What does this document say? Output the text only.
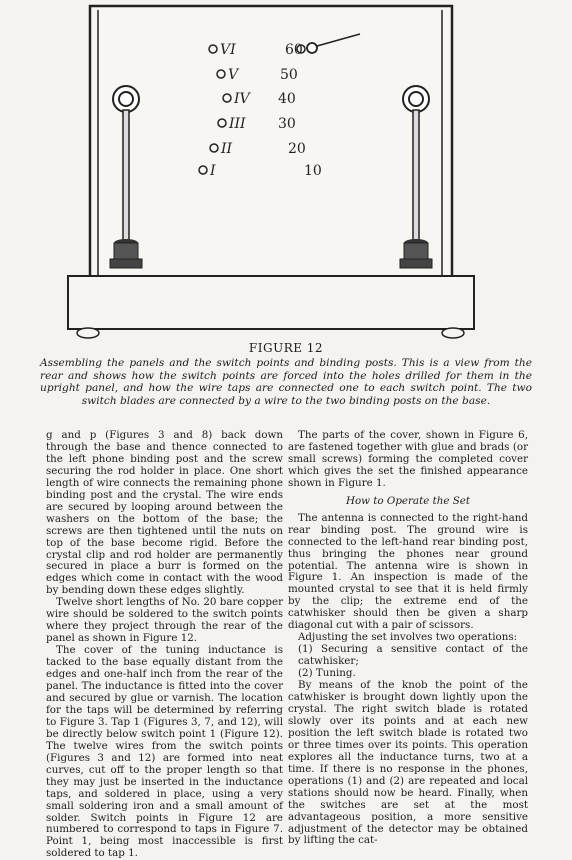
VI
V
IV
III
II
I
60
50
40
30
20
10
FIGURE 12
Assembling the panels and the switch points and binding posts. This is a view from the rear and shows how the switch points are forced into the holes drilled for them in the upright panel, and how the wire taps are connected one to each switch point. The two switch blades are connected by a wire to the two binding posts on the base.

g and p (Figures 3 and 8) back down through the base and thence connected to the left phone binding post and the screw securing the rod holder in place. One short length of wire connects the remaining phone binding post and the crystal. The wire ends are secured by looping around between the washers on the bottom of the base; the screws are then tightened until the nuts on top of the base become rigid. Before the crystal clip and rod holder are permanently secured in place a burr is formed on the edges which come in contact with the wood by bending down these edges slightly.

Twelve short lengths of No. 20 bare copper wire should be soldered to the switch points where they project through the rear of the panel as shown in Figure 12.

The cover of the tuning inductance is tacked to the base equally distant from the edges and one-half inch from the rear of the panel. The inductance is fitted into the cover and secured by glue or varnish. The location for the taps will be determined by referring to Figure 3. Tap 1 (Figures 3, 7, and 12), will be directly below switch point 1 (Figure 12). The twelve wires from the switch points (Figures 3 and 12) are formed into neat curves, cut off to the proper length so that they may just be inserted in the inductance taps, and soldered in place, using a very small soldering iron and a small amount of solder. Switch points in Figure 12 are numbered to correspond to taps in Figure 7. Point 1, being most inaccessible is first soldered to tap 1.

The parts of the cover, shown in Figure 6, are fastened together with glue and brads (or small screws) forming the completed cover which gives the set the finished appearance shown in Figure 1.

How to Operate the Set

The antenna is connected to the right-hand rear binding post. The ground wire is connected to the left-hand rear binding post, thus bringing the phones near ground potential. The antenna wire is shown in Figure 1. An inspection is made of the mounted crystal to see that it is held firmly by the clip; the extreme end of the catwhisker should then be given a sharp diagonal cut with a pair of scissors.

Adjusting the set involves two operations:

(1) Securing a sensitive contact of the catwhisker;

(2) Tuning.

By means of the knob the point of the catwhisker is brought down lightly upon the crystal. The right switch blade is rotated slowly over its points and at each new position the left switch blade is rotated two or three times over its points. This operation explores all the inductance turns, two at a time. If there is no response in the phones, operations (1) and (2) are repeated and local stations should now be heard. Finally, when the switches are set at the most advantageous position, a more sensitive adjustment of the detector may be obtained by lifting the cat-
